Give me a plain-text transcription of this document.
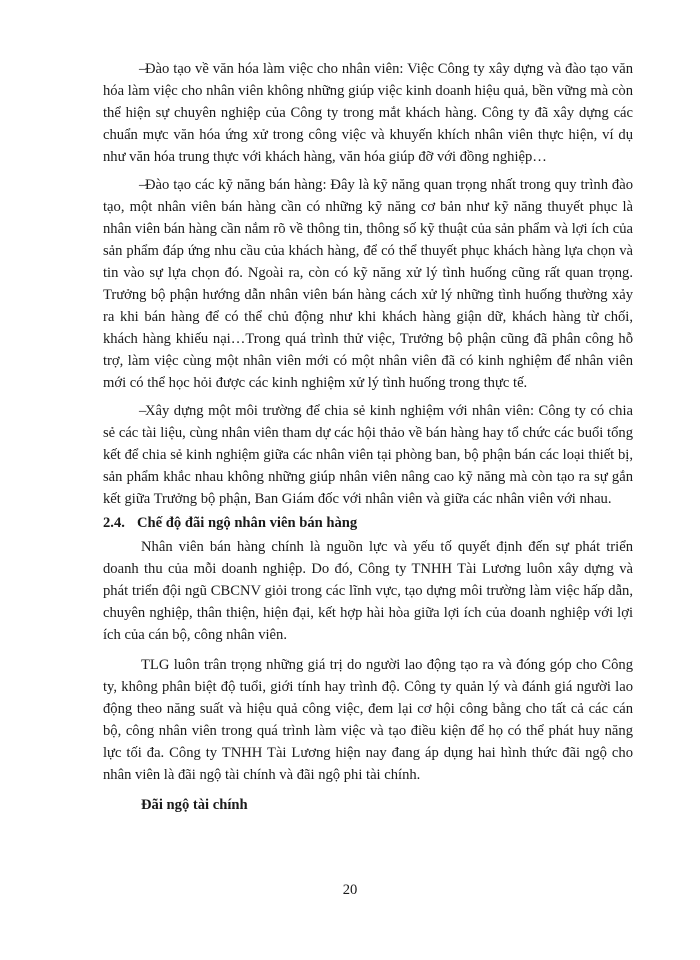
–Đào tạo về văn hóa làm việc cho nhân viên: Việc Công ty xây dựng và đào tạo văn hóa làm việc cho nhân viên không những giúp việc kinh doanh hiệu quả, bền vững mà còn thể hiện sự chuyên nghiệp của Công ty trong mắt khách hàng. Công ty đã xây dựng các chuẩn mực văn hóa ứng xử trong công việc và khuyến khích nhân viên thực hiện, ví dụ như văn hóa trung thực với khách hàng, văn hóa giúp đỡ với đồng nghiệp…

–Đào tạo các kỹ năng bán hàng: Đây là kỹ năng quan trọng nhất trong quy trình đào tạo, một nhân viên bán hàng cần có những kỹ năng cơ bản như kỹ năng thuyết phục là nhân viên bán hàng cần nắm rõ về thông tin, thông số kỹ thuật của sản phẩm và lợi ích của sản phẩm đáp ứng nhu cầu của khách hàng, để có thể thuyết phục khách hàng lựa chọn và tin vào sự lựa chọn đó. Ngoài ra, còn có kỹ năng xử lý tình huống cũng rất quan trọng. Trưởng bộ phận hướng dẫn nhân viên bán hàng cách xử lý những tình huống thường xảy ra khi bán hàng để có thể chủ động như khi khách hàng giận dữ, khách hàng từ chối, khách hàng khiếu nại…Trong quá trình thử việc, Trưởng bộ phận cũng đã phân công hỗ trợ, làm việc cùng một nhân viên mới có một nhân viên đã có kinh nghiệm để nhân viên mới có thể học hỏi được các kinh nghiệm xử lý tình huống trong thực tế.

–Xây dựng một môi trường để chia sẻ kinh nghiệm với nhân viên: Công ty có chia sẻ các tài liệu, cùng nhân viên tham dự các hội thảo về bán hàng hay tổ chức các buổi tổng kết để chia sẻ kinh nghiệm giữa các nhân viên tại phòng ban, bộ phận bán các loại thiết bị, sản phẩm khắc nhau không những giúp nhân viên nâng cao kỹ năng mà còn tạo ra sự gắn kết giữa Trưởng bộ phận, Ban Giám đốc với nhân viên và giữa các nhân viên với nhau.

2.4. Chế độ đãi ngộ nhân viên bán hàng

Nhân viên bán hàng chính là nguồn lực và yếu tố quyết định đến sự phát triển doanh thu của mỗi doanh nghiệp. Do đó, Công ty TNHH Tài Lương luôn xây dựng và phát triển đội ngũ CBCNV giỏi trong các lĩnh vực, tạo dựng môi trường làm việc hấp dẫn, chuyên nghiệp, thân thiện, hiện đại, kết hợp hài hòa giữa lợi ích của doanh nghiệp với lợi ích của cán bộ, công nhân viên.

TLG luôn trân trọng những giá trị do người lao động tạo ra và đóng góp cho Công ty, không phân biệt độ tuổi, giới tính hay trình độ. Công ty quản lý và đánh giá người lao động theo năng suất và hiệu quả công việc, đem lại cơ hội công bằng cho tất cả các cán bộ, công nhân viên trong quá trình làm việc và tạo điều kiện để họ có thể phát huy năng lực tối đa. Công ty TNHH Tài Lương hiện nay đang áp dụng hai hình thức đãi ngộ cho nhân viên là đãi ngộ tài chính và đãi ngộ phi tài chính.

Đãi ngộ tài chính

20
